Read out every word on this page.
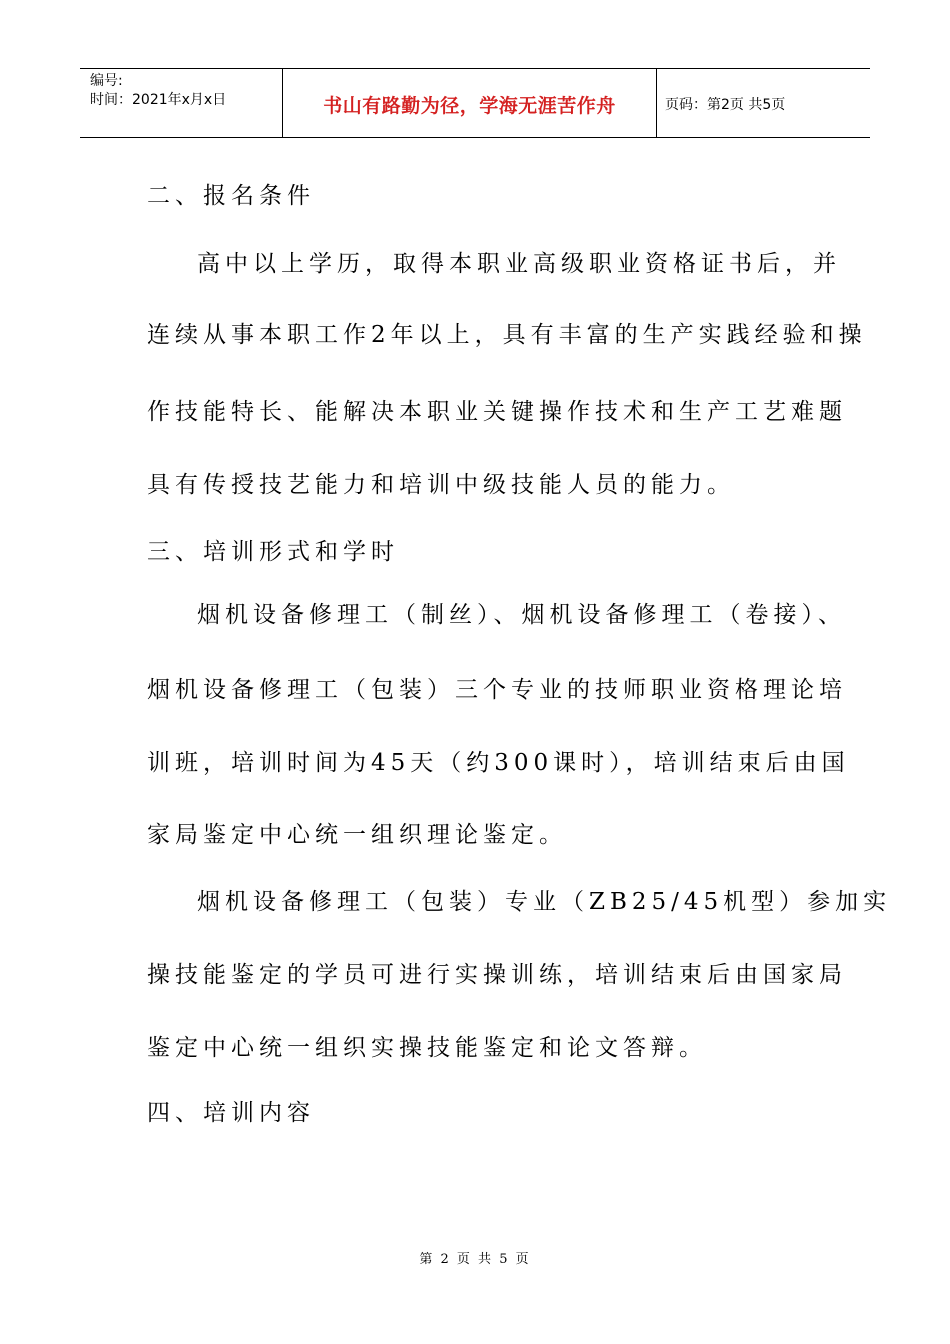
编号:
时间：2021年x月x日	书山有路勤为径，学海无涯苦作舟	页码：第2页 共5页
二、报名条件
高中以上学历，取得本职业高级职业资格证书后，并
连续从事本职工作2年以上，具有丰富的生产实践经验和操
作技能特长、能解决本职业关键操作技术和生产工艺难题
具有传授技艺能力和培训中级技能人员的能力。
三、培训形式和学时
烟机设备修理工（制丝）、烟机设备修理工（卷接）、
烟机设备修理工（包装）三个专业的技师职业资格理论培
训班，培训时间为45天（约300课时），培训结束后由国
家局鉴定中心统一组织理论鉴定。
烟机设备修理工（包装）专业（ZB25/45机型）参加实
操技能鉴定的学员可进行实操训练，培训结束后由国家局
鉴定中心统一组织实操技能鉴定和论文答辩。
四、培训内容
第 2 页 共 5 页
